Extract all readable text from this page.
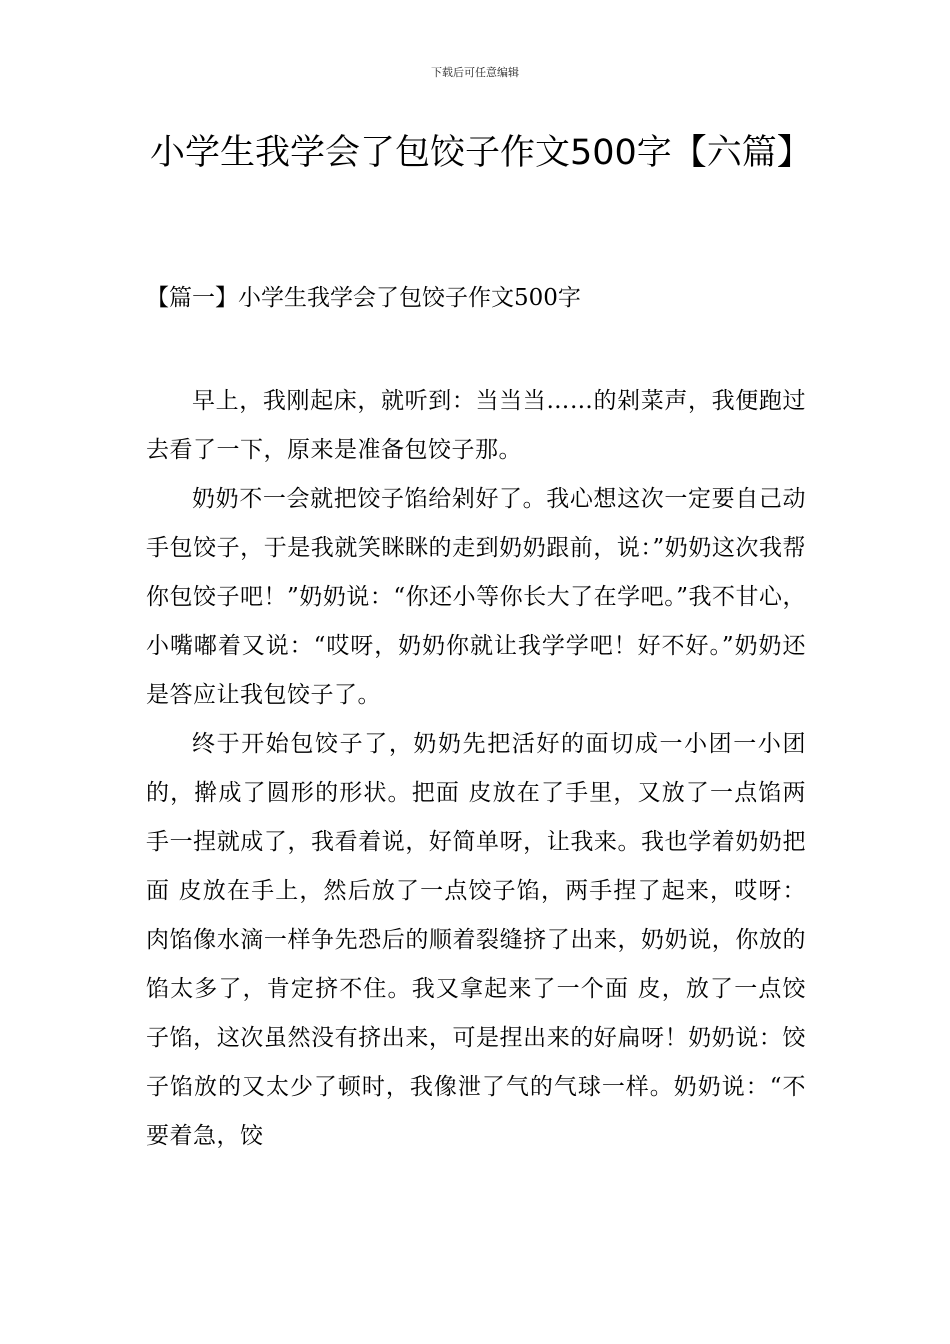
下载后可任意编辑
小学生我学会了包饺子作文500字【六篇】
【篇一】小学生我学会了包饺子作文500字

早上，我刚起床，就听到：当当当……的剁菜声，我便跑过去看了一下，原来是准备包饺子那。

奶奶不一会就把饺子馅给剁好了。我心想这次一定要自己动手包饺子，于是我就笑眯眯的走到奶奶跟前，说：”奶奶这次我帮你包饺子吧！”奶奶说：“你还小等你长大了在学吧。”我不甘心，小嘴嘟着又说：“哎呀，奶奶你就让我学学吧！好不好。”奶奶还是答应让我包饺子了。

终于开始包饺子了，奶奶先把活好的面切成一小团一小团的，擀成了圆形的形状。把面 皮放在了手里，又放了一点馅两手一捏就成了，我看着说，好简单呀，让我来。我也学着奶奶把面 皮放在手上，然后放了一点饺子馅，两手捏了起来，哎呀：肉馅像水滴一样争先恐后的顺着裂缝挤了出来，奶奶说，你放的馅太多了，肯定挤不住。我又拿起来了一个面 皮，放了一点饺子馅，这次虽然没有挤出来，可是捏出来的好扁呀！奶奶说：饺子馅放的又太少了顿时，我像泄了气的气球一样。奶奶说：“不要着急，饺
